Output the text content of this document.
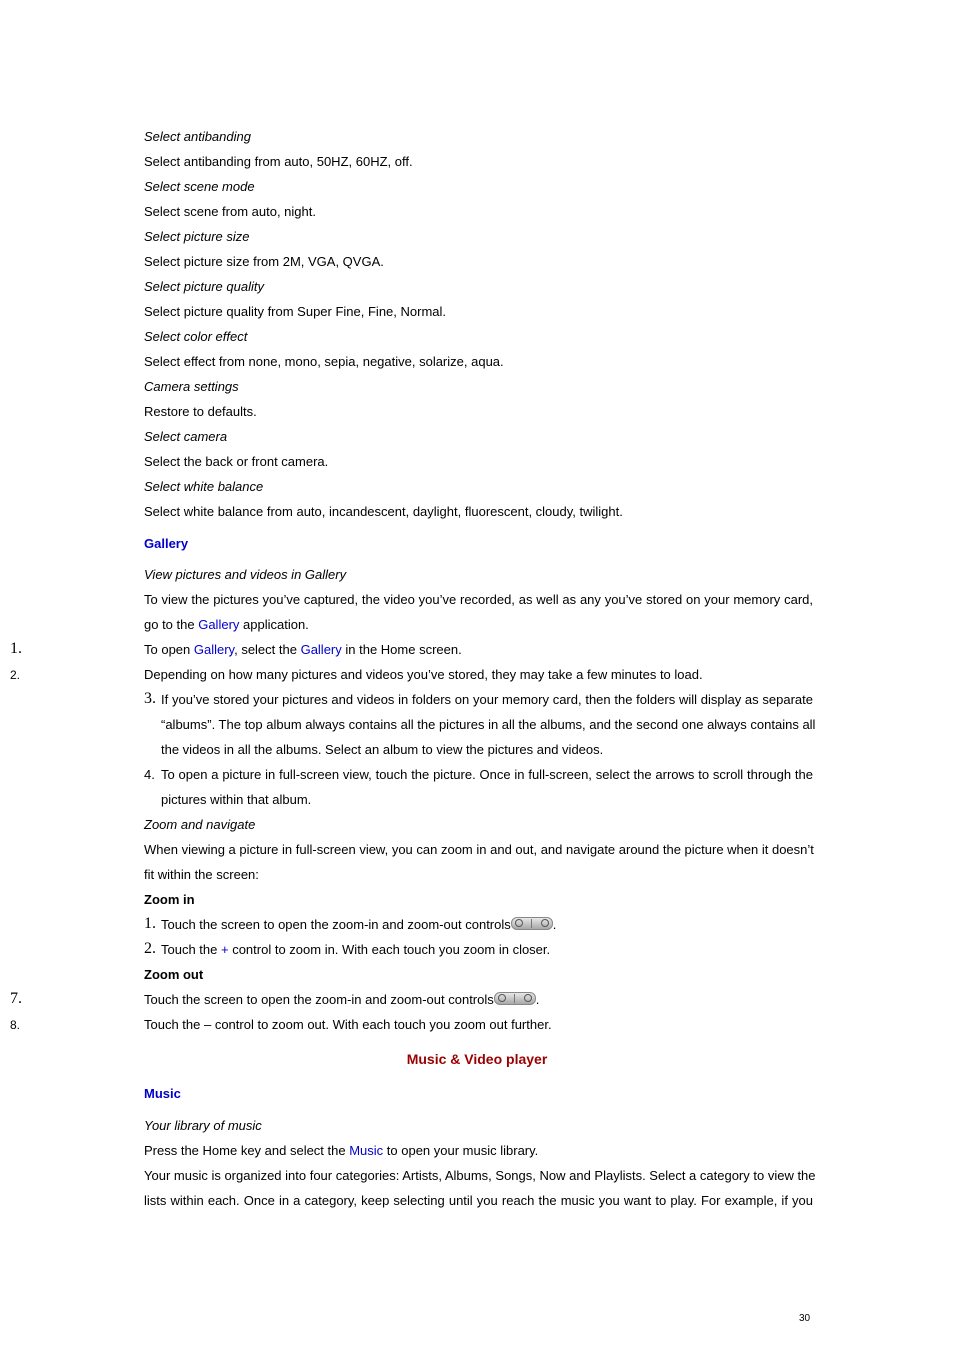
Select antibanding
Select antibanding from auto, 50HZ, 60HZ, off.
Select scene mode
Select scene from auto, night.
Select picture size
Select picture size from 2M, VGA, QVGA.
Select picture quality
Select picture quality from Super Fine, Fine, Normal.
Select color effect
Select effect from none, mono, sepia, negative, solarize, aqua.
Camera settings
Restore to defaults.
Select camera
Select the back or front camera.
Select white balance
Select white balance from auto, incandescent, daylight, fluorescent, cloudy, twilight.
Gallery
View pictures and videos in Gallery
To view the pictures you’ve captured, the video you’ve recorded, as well as any you’ve stored on your memory card,
go to the Gallery application.
1.	To open Gallery, select the Gallery in the Home screen.
2.	Depending on how many pictures and videos you’ve stored, they may take a few minutes to load.
3. If you’ve stored your pictures and videos in folders on your memory card, then the folders will display as separate
“albums”. The top album always contains all the pictures in all the albums, and the second one always contains all
the videos in all the albums. Select an album to view the pictures and videos.
4. To open a picture in full-screen view, touch the picture. Once in full-screen, select the arrows to scroll through the
pictures within that album.
Zoom and navigate
When viewing a picture in full-screen view, you can zoom in and out, and navigate around the picture when it doesn’t
fit within the screen:
Zoom in
1. Touch the screen to open the zoom-in and zoom-out controls	.
2. Touch the + control to zoom in. With each touch you zoom in closer.
Zoom out
7.	Touch the screen to open the zoom-in and zoom-out controls	.
8.	Touch the – control to zoom out. With each touch you zoom out further.
Music & Video player
Music
Your library of music
Press the Home key and select the Music to open your music library.
Your music is organized into four categories: Artists, Albums, Songs, Now and Playlists. Select a category to view the
lists within each. Once in a category, keep selecting until you reach the music you want to play. For example, if you
30
